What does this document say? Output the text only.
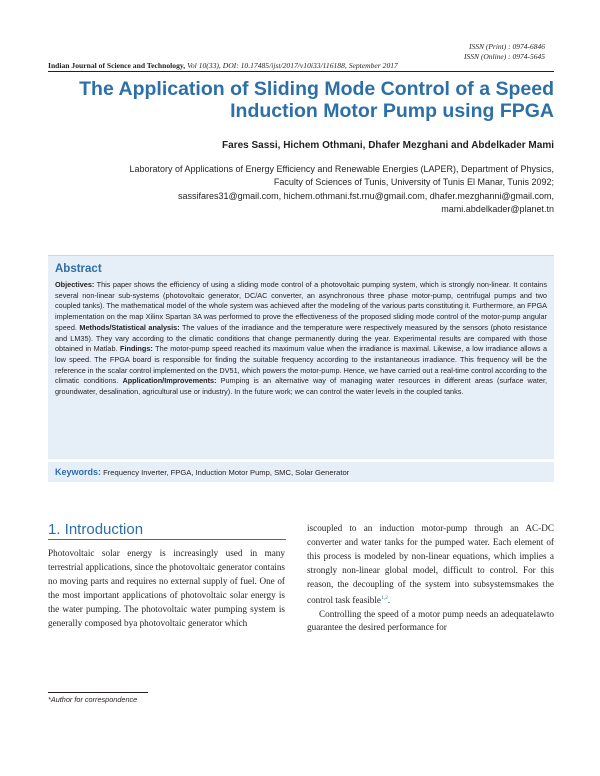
ISSN (Print) : 0974-6846
ISSN (Online) : 0974-5645
Indian Journal of Science and Technology, Vol 10(33), DOI: 10.17485/ijst/2017/v10i33/116188, September 2017
The Application of Sliding Mode Control of a Speed Induction Motor Pump using FPGA
Fares Sassi, Hichem Othmani, Dhafer Mezghani and Abdelkader Mami
Laboratory of Applications of Energy Efficiency and Renewable Energies (LAPER), Department of Physics,
Faculty of Sciences of Tunis, University of Tunis El Manar, Tunis 2092;
sassifares31@gmail.com, hichem.othmani.fst.rnu@gmail.com, dhafer.mezghanni@gmail.com,
mami.abdelkader@planet.tn
Abstract
Objectives: This paper shows the efficiency of using a sliding mode control of a photovoltaic pumping system, which is strongly non-linear. It contains several non-linear sub-systems (photovoltaic generator, DC/AC converter, an asynchronous three phase motor-pump, centrifugal pumps and two coupled tanks). The mathematical model of the whole system was achieved after the modeling of the various parts constituting it. Furthermore, an FPGA implementation on the map Xilinx Spartan 3A was performed to prove the effectiveness of the proposed sliding mode control of the motor-pump angular speed. Methods/Statistical analysis: The values of the irradiance and the temperature were respectively measured by the sensors (photo resistance and LM35). They vary according to the climatic conditions that change permanently during the year. Experimental results are compared with those obtained in Matlab. Findings: The motor-pump speed reached its maximum value when the irradiance is maximal. Likewise, a low irradiance allows a low speed. The FPGA board is responsible for finding the suitable frequency according to the instantaneous irradiance. This frequency will be the reference in the scalar control implemented on the DV51, which powers the motor-pump. Hence, we have carried out a real-time control according to the climatic conditions. Application/Improvements: Pumping is an alternative way of managing water resources in different areas (surface water, groundwater, desalination, agricultural use or industry). In the future work; we can control the water levels in the coupled tanks.
Keywords: Frequency Inverter, FPGA, Induction Motor Pump, SMC, Solar Generator
1. Introduction
Photovoltaic solar energy is increasingly used in many terrestrial applications, since the photovoltaic generator contains no moving parts and requires no external supply of fuel. One of the most important applications of photovoltaic solar energy is the water pumping. The photovoltaic water pumping system is generally composed bya photovoltaic generator which

iscoupled to an induction motor-pump through an AC-DC converter and water tanks for the pumped water. Each element of this process is modeled by non-linear equations, which implies a strongly non-linear global model, difficult to control. For this reason, the decoupling of the system into subsystemsmakes the control task feasible$^{1,2}$.

Controlling the speed of a motor pump needs an adequatelawto guarantee the desired performance for

*Author for correspondence
